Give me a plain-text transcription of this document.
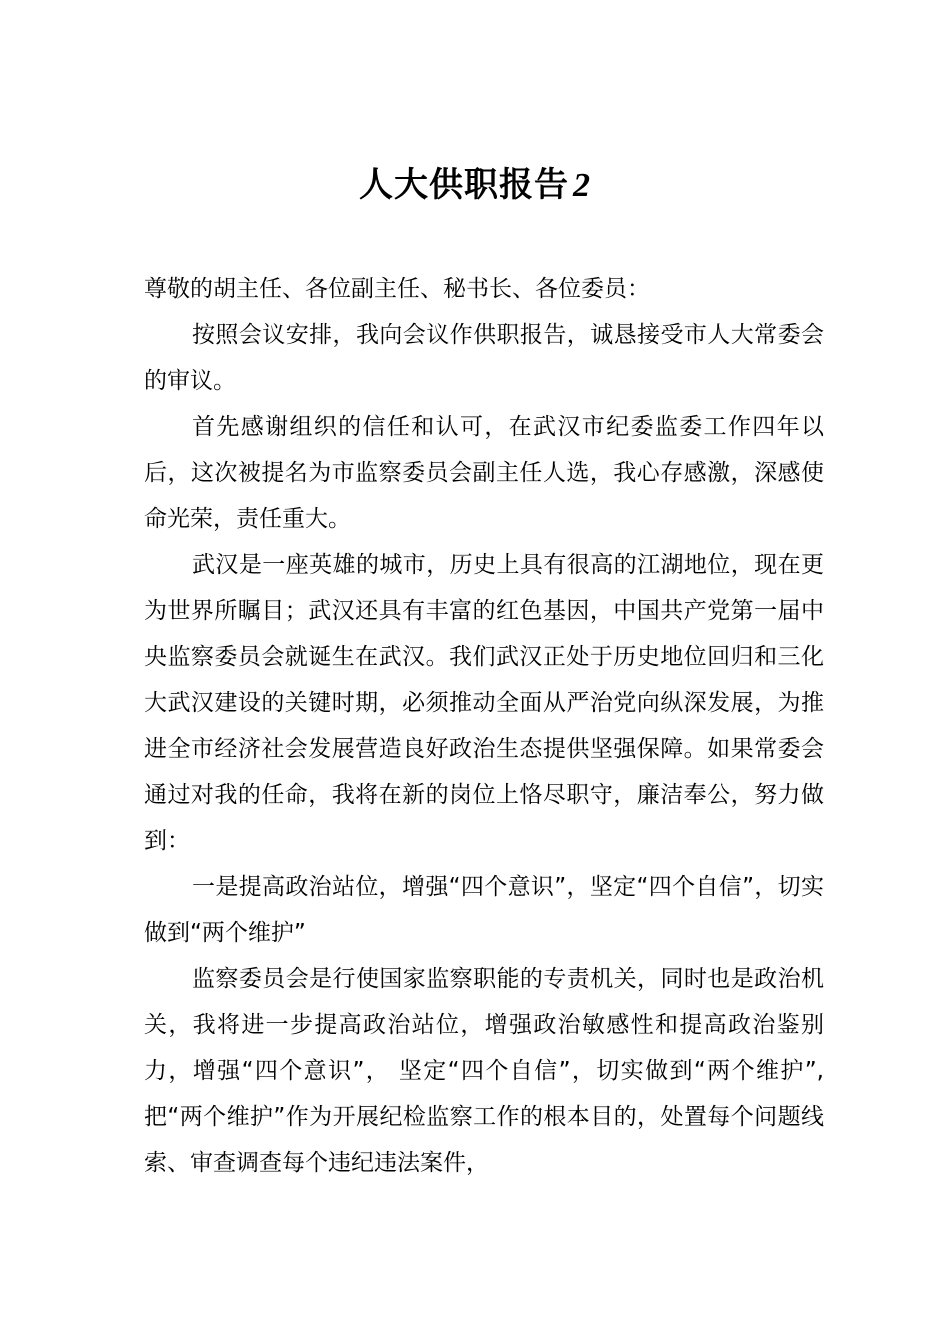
人大供职报告 2

尊敬的胡主任、各位副主任、秘书长、各位委员：

按照会议安排，我向会议作供职报告，诚恳接受市人大常委会的审议。

首先感谢组织的信任和认可，在武汉市纪委监委工作四年以后，这次被提名为市监察委员会副主任人选，我心存感激，深感使命光荣，责任重大。

武汉是一座英雄的城市，历史上具有很高的江湖地位，现在更为世界所瞩目；武汉还具有丰富的红色基因，中国共产党第一届中央监察委员会就诞生在武汉。我们武汉正处于历史地位回归和三化大武汉建设的关键时期，必须推动全面从严治党向纵深发展，为推进全市经济社会发展营造良好政治生态提供坚强保障。如果常委会通过对我的任命，我将在新的岗位上恪尽职守，廉洁奉公，努力做到：

一是提高政治站位，增强“四个意识”，坚定“四个自信”，切实做到“两个维护”

监察委员会是行使国家监察职能的专责机关，同时也是政治机关，我将进一步提高政治站位，增强政治敏感性和提高政治鉴别力，增强“四个意识”， 坚定“四个自信”，切实做到“两个维护”,把“两个维护”作为开展纪检监察工作的根本目的，处置每个问题线索、审查调查每个违纪违法案件，
